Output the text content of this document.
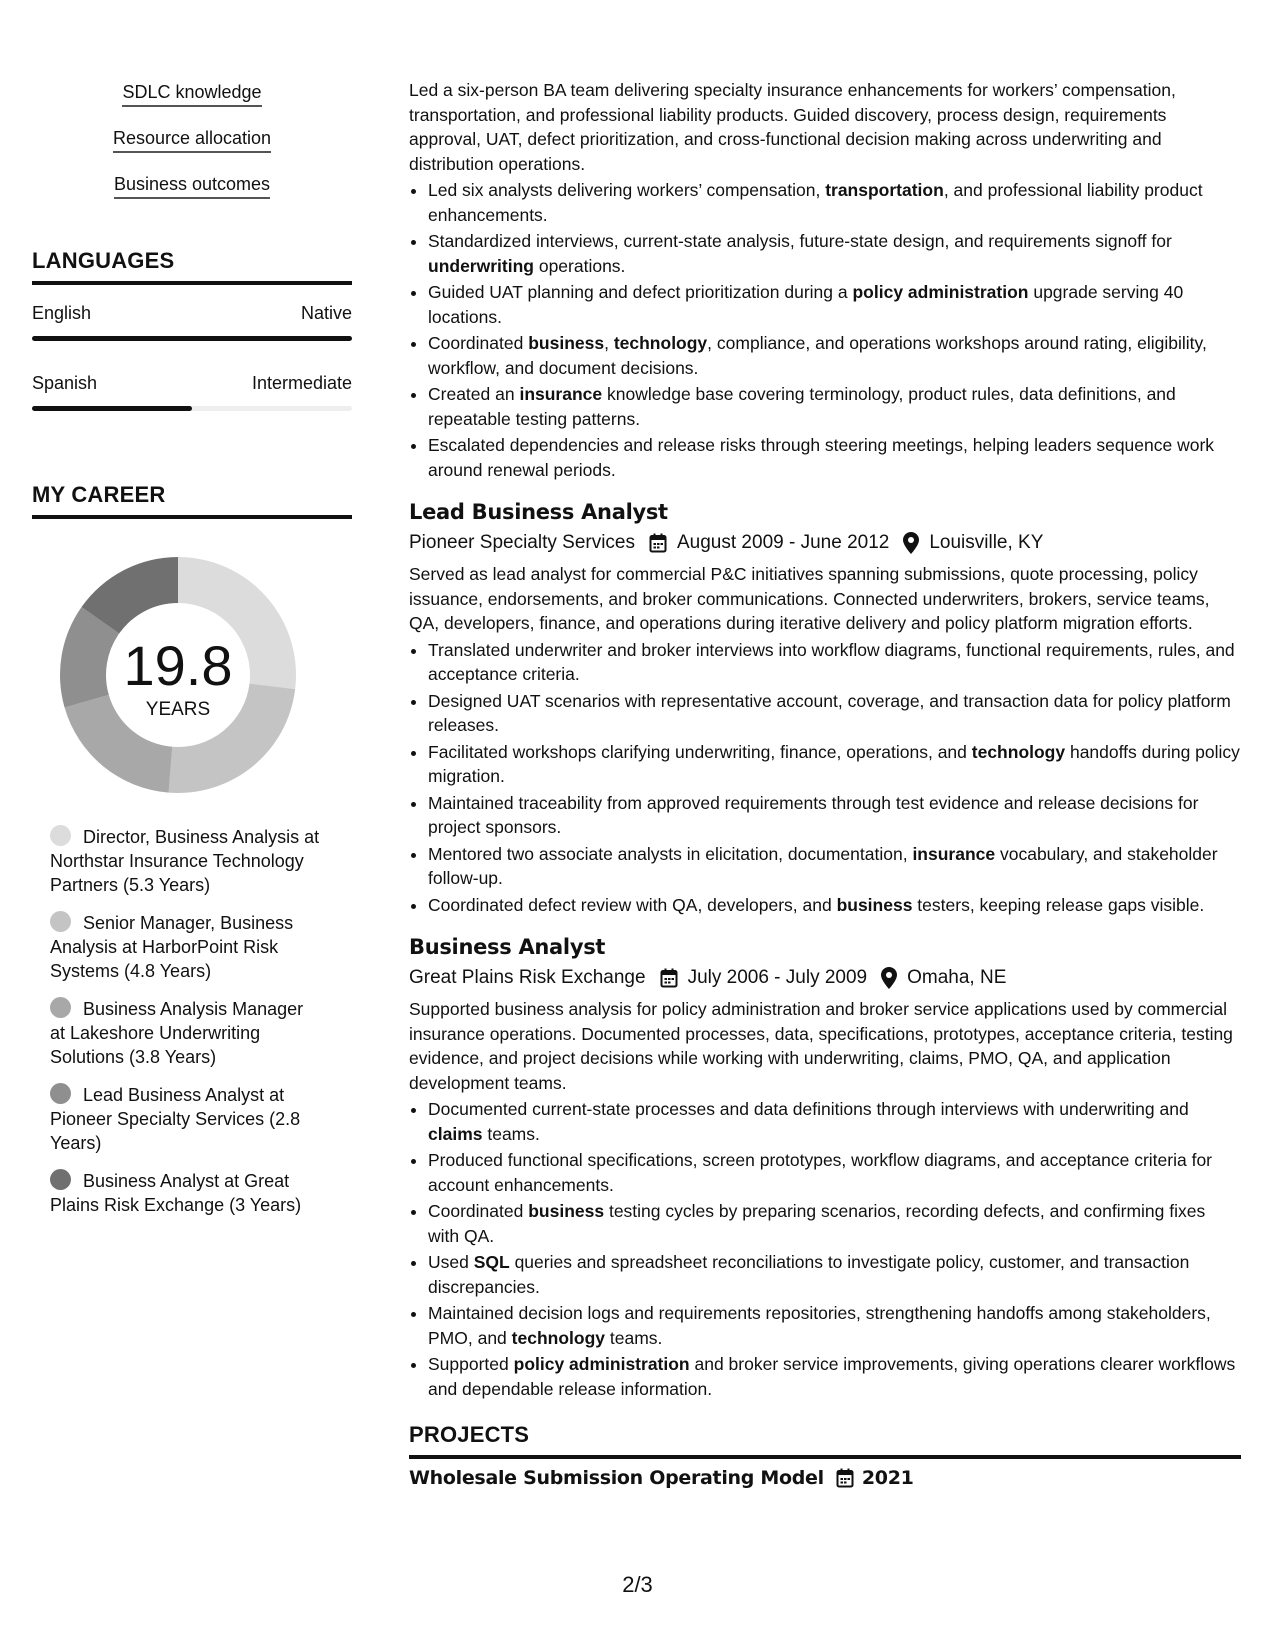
SDLC knowledge
Resource allocation
Business outcomes
LANGUAGES
English	Native
Spanish	Intermediate
MY CAREER
19.8
YEARS
Director, Business Analysis at Northstar Insurance Technology Partners (5.3 Years)
Senior Manager, Business Analysis at HarborPoint Risk Systems (4.8 Years)
Business Analysis Manager at Lakeshore Underwriting Solutions (3.8 Years)
Lead Business Analyst at Pioneer Specialty Services (2.8 Years)
Business Analyst at Great Plains Risk Exchange (3 Years)

Led a six-person BA team delivering specialty insurance enhancements for workers’ compensation, transportation, and professional liability products. Guided discovery, process design, requirements approval, UAT, defect prioritization, and cross-functional decision making across underwriting and distribution operations.

• Led six analysts delivering workers’ compensation, transportation, and professional liability product enhancements.
• Standardized interviews, current-state analysis, future-state design, and requirements signoff for underwriting operations.
• Guided UAT planning and defect prioritization during a policy administration upgrade serving 40 locations.
• Coordinated business, technology, compliance, and operations workshops around rating, eligibility, workflow, and document decisions.
• Created an insurance knowledge base covering terminology, product rules, data definitions, and repeatable testing patterns.
• Escalated dependencies and release risks through steering meetings, helping leaders sequence work around renewal periods.
Lead Business Analyst
Pioneer Specialty Services August 2009 - June 2012 Louisville, KY

Served as lead analyst for commercial P&C initiatives spanning submissions, quote processing, policy issuance, endorsements, and broker communications. Connected underwriters, brokers, service teams, QA, developers, finance, and operations during iterative delivery and policy platform migration efforts.

• Translated underwriter and broker interviews into workflow diagrams, functional requirements, rules, and acceptance criteria.
• Designed UAT scenarios with representative account, coverage, and transaction data for policy platform releases.
• Facilitated workshops clarifying underwriting, finance, operations, and technology handoffs during policy migration.
• Maintained traceability from approved requirements through test evidence and release decisions for project sponsors.
• Mentored two associate analysts in elicitation, documentation, insurance vocabulary, and stakeholder follow-up.
• Coordinated defect review with QA, developers, and business testers, keeping release gaps visible.
Business Analyst
Great Plains Risk Exchange July 2006 - July 2009 Omaha, NE

Supported business analysis for policy administration and broker service applications used by commercial insurance operations. Documented processes, data, specifications, prototypes, acceptance criteria, testing evidence, and project decisions while working with underwriting, claims, PMO, QA, and application development teams.

• Documented current-state processes and data definitions through interviews with underwriting and claims teams.
• Produced functional specifications, screen prototypes, workflow diagrams, and acceptance criteria for account enhancements.
• Coordinated business testing cycles by preparing scenarios, recording defects, and confirming fixes with QA.
• Used SQL queries and spreadsheet reconciliations to investigate policy, customer, and transaction discrepancies.
• Maintained decision logs and requirements repositories, strengthening handoffs among stakeholders, PMO, and technology teams.
• Supported policy administration and broker service improvements, giving operations clearer workflows and dependable release information.
PROJECTS
Wholesale Submission Operating Model 2021
2/3
